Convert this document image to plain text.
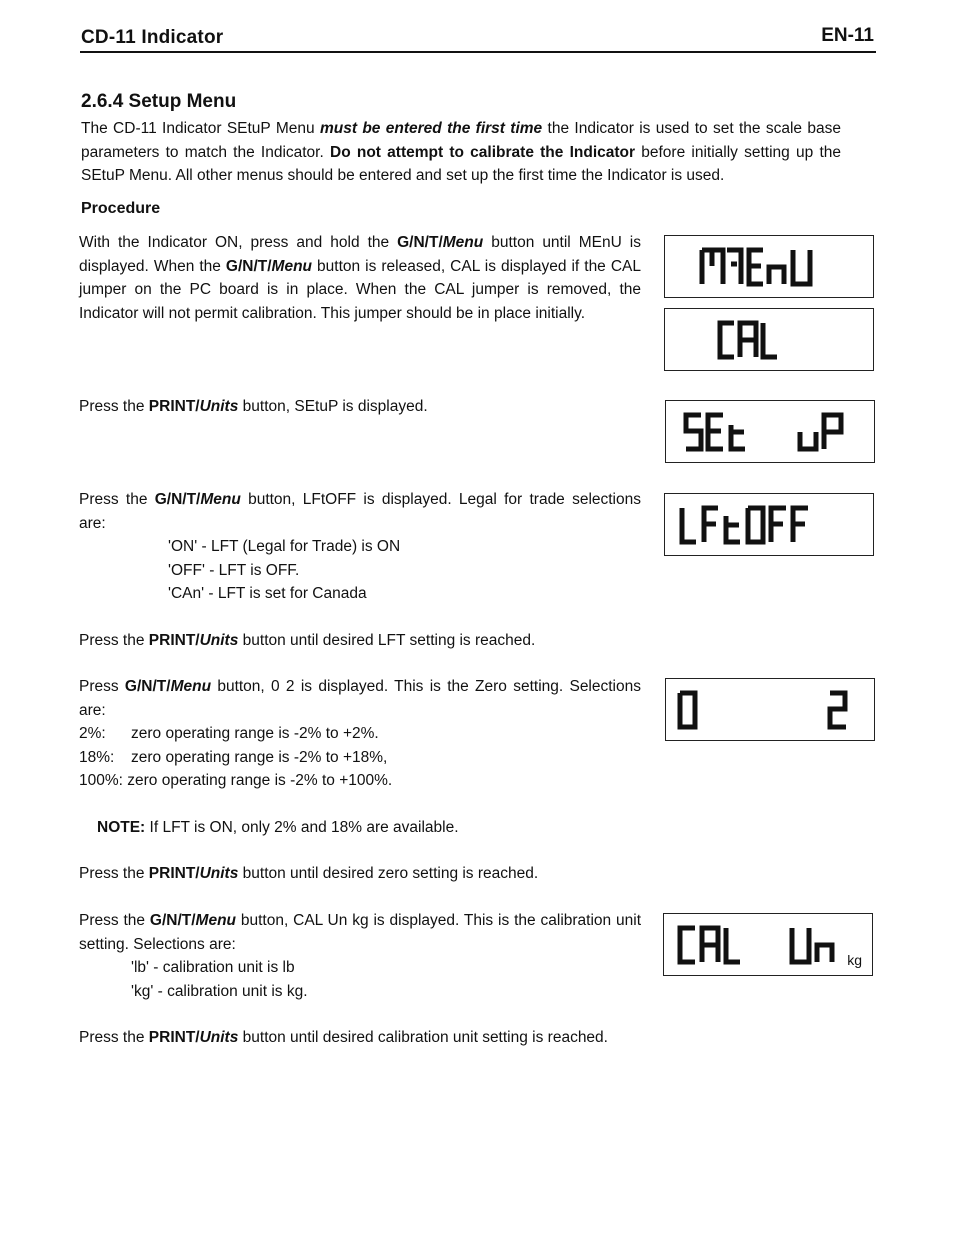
CD-11 Indicator	EN-11
2.6.4 Setup Menu
The CD-11 Indicator SEtuP Menu must be entered the first time the Indicator is used to set the scale base parameters to match the Indicator. Do not attempt to calibrate the Indicator before initially setting up the SEtuP Menu. All other menus should be entered and set up the first time the Indicator is used.
Procedure
With the Indicator ON, press and hold the G/N/T/Menu button until MEnU is displayed. When the G/N/T/Menu button is released, CAL is displayed if the CAL jumper on the PC board is in place. When the CAL jumper is removed, the Indicator will not permit calibration. This jumper should be in place initially.
Press the PRINT/Units button, SEtuP is displayed.
Press the G/N/T/Menu button, LFtOFF is displayed. Legal for trade selections are:
'ON' - LFT (Legal for Trade) is ON
'OFF' - LFT is OFF.
'CAn' - LFT is set for Canada
Press the PRINT/Units button until desired LFT setting is reached.
Press G/N/T/Menu button, 0 2 is displayed. This is the Zero setting. Selections are:
2%: zero operating range is -2% to +2%.
18%: zero operating range is -2% to +18%,
100%: zero operating range is -2% to +100%.
NOTE: If LFT is ON, only 2% and 18% are available.
Press the PRINT/Units button until desired zero setting is reached.
Press the G/N/T/Menu button, CAL Un kg is displayed. This is the calibration unit setting. Selections are:
'lb' - calibration unit is lb
'kg' - calibration unit is kg.
Press the PRINT/Units button until desired calibration unit setting is reached.
kg
